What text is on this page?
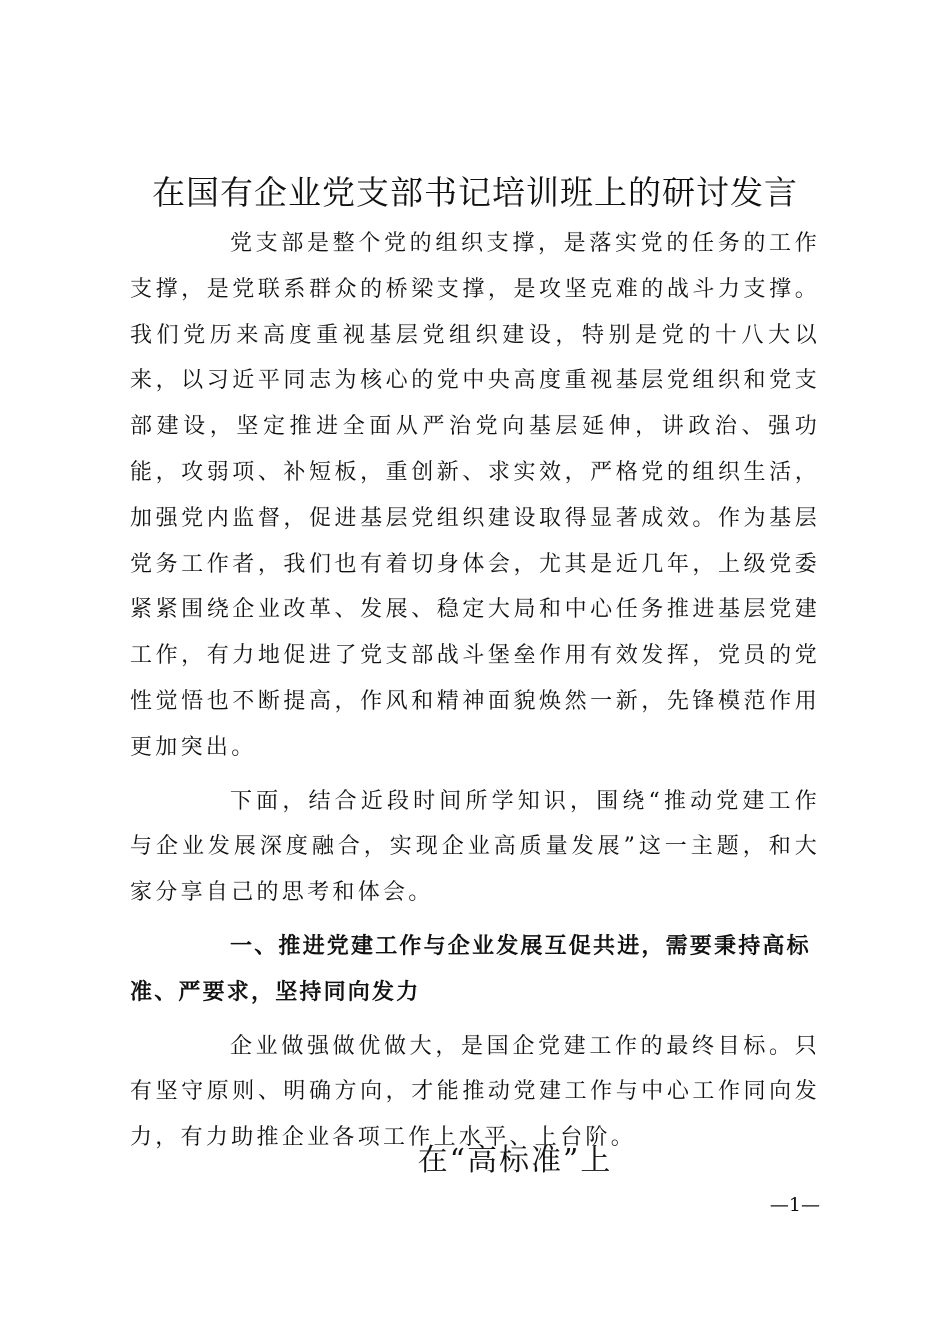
在国有企业党支部书记培训班上的研讨发言

党支部是整个党的组织支撑，是落实党的任务的工作支撑，是党联系群众的桥梁支撑，是攻坚克难的战斗力支撑。我们党历来高度重视基层党组织建设，特别是党的十八大以来，以习近平同志为核心的党中央高度重视基层党组织和党支部建设，坚定推进全面从严治党向基层延伸，讲政治、强功能，攻弱项、补短板，重创新、求实效，严格党的组织生活，加强党内监督，促进基层党组织建设取得显著成效。作为基层党务工作者，我们也有着切身体会，尤其是近几年，上级党委紧紧围绕企业改革、发展、稳定大局和中心任务推进基层党建工作，有力地促进了党支部战斗堡垒作用有效发挥，党员的党性觉悟也不断提高，作风和精神面貌焕然一新，先锋模范作用更加突出。

下面，结合近段时间所学知识，围绕“推动党建工作与企业发展深度融合，实现企业高质量发展”这一主题，和大家分享自己的思考和体会。

一、推进党建工作与企业发展互促共进，需要秉持高标准、严要求，坚持同向发力

企业做强做优做大，是国企党建工作的最终目标。只有坚守原则、明确方向，才能推动党建工作与中心工作同向发力，有力助推企业各项工作上水平、上台阶。

在“高标准”上
—1—
